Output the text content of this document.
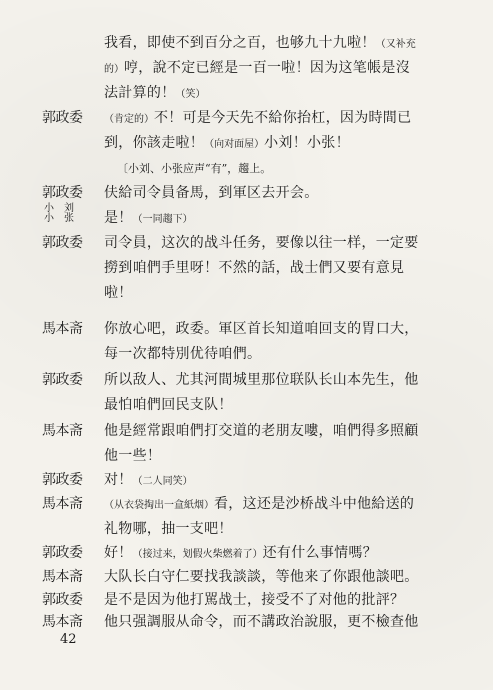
我看，即使不到百分之百，也够九十九啦！（又补充
的）哼，說不定已經是一百一啦！因为这笔帳是沒
法計算的！（笑）
郭政委	（肯定的）不！可是今天先不給你抬杠，因为時間已
到，你該走啦！（向对面屋）小刘！小张！
〔小刘、小张应声“有”，趨上。
郭政委	伕給司令員备馬，到軍区去开会。
小　刘
小　张	是！（一同趨下）
郭政委	司令員，这次的战斗任务，要像以往一样，一定要
撈到咱們手里呀！不然的話，战士們又要有意見
啦！
馬本斋	你放心吧，政委。軍区首长知道咱回支的胃口大，
每一次都特別优待咱們。
郭政委	所以敌人、尤其河間城里那位联队长山本先生，他
最怕咱們回民支队！
馬本斋	他是經常跟咱們打交道的老朋友嘍，咱們得多照顧
他一些！
郭政委	对！（二人同笑）
馬本斋	（从衣袋掏出一盒紙烟）看，这还是沙桥战斗中他給送的
礼物哪，抽一支吧！
郭政委	好！（接过来，划假火柴燃着了）还有什么事情嗎？
馬本斋	大队长白守仁要找我談談，等他来了你跟他談吧。
郭政委	是不是因为他打駡战士，接受不了对他的批評？
馬本斋	他只强調服从命令，而不講政治說服，更不檢查他
42
